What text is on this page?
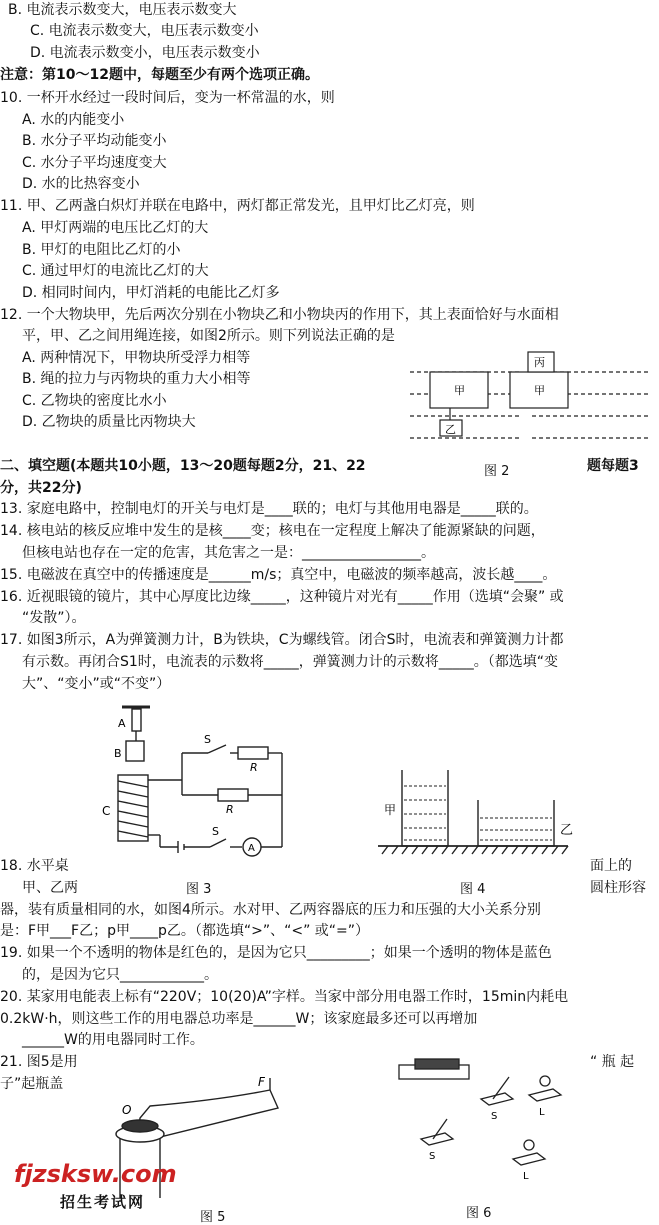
B. 电流表示数变大，电压表示数变大
C. 电流表示数变大，电压表示数变小
D. 电流表示数变小，电压表示数变小
注意：第10～12题中，每题至少有两个选项正确。
10. 一杯开水经过一段时间后，变为一杯常温的水，则
A. 水的内能变小
B. 水分子平均动能变小
C. 水分子平均速度变大
D. 水的比热容变小
11. 甲、乙两盏白炽灯并联在电路中，两灯都正常发光，且甲灯比乙灯亮，则
A. 甲灯两端的电压比乙灯的大
B. 甲灯的电阻比乙灯的小
C. 通过甲灯的电流比乙灯的大
D. 相同时间内，甲灯消耗的电能比乙灯多
12. 一个大物块甲，先后两次分别在小物块乙和小物块丙的作用下，其上表面恰好与水面相
平，甲、乙之间用绳连接，如图2所示。则下列说法正确的是
A. 两种情况下，甲物块所受浮力相等
B. 绳的拉力与丙物块的重力大小相等
C. 乙物块的密度比水小
D. 乙物块的质量比丙物块大
二、填空题(本题共10小题，13～20题每题2分，21、22	题每题3
分，共22分)
13. 家庭电路中，控制电灯的开关与电灯是____联的；电灯与其他用电器是_____联的。
14. 核电站的核反应堆中发生的是核____变；核电在一定程度上解决了能源紧缺的问题，
但核电站也存在一定的危害，其危害之一是：_________________。
15. 电磁波在真空中的传播速度是______m/s；真空中，电磁波的频率越高，波长越____。
16. 近视眼镜的镜片，其中心厚度比边缘_____，这种镜片对光有_____作用（选填“会聚” 或
“发散”）。
17. 如图3所示，A为弹簧测力计，B为铁块，C为螺线管。闭合S时，电流表和弹簧测力计都
有示数。再闭合S1时，电流表的示数将_____，弹簧测力计的示数将_____。（都选填“变
大”、“变小”或“不变”）
18. 水平桌	面上的
甲、乙两	圆柱形容
器，装有质量相同的水，如图4所示。水对甲、乙两容器底的压力和压强的大小关系分别
是：F甲___F乙；p甲____p乙。（都选填“>”、“<” 或“=”）
19. 如果一个不透明的物体是红色的，是因为它只_________；如果一个透明的物体是蓝色
的，是因为它只____________。
20. 某家用电能表上标有“220V；10(20)A”字样。当家中部分用电器工作时，15min内耗电
0.2kW·h，则这些工作的用电器总功率是______W；该家庭最多还可以再增加
______W的用电器同时工作。
21. 图5是用	“ 瓶 起
子”起瓶盖
甲
乙
甲
丙
图 2
A
B
C
S
S
R
R
A
图 3
甲
乙
图 4
O
F
图 5
S
S
L
L
图 6
fjzsksw.com
招生考试网
